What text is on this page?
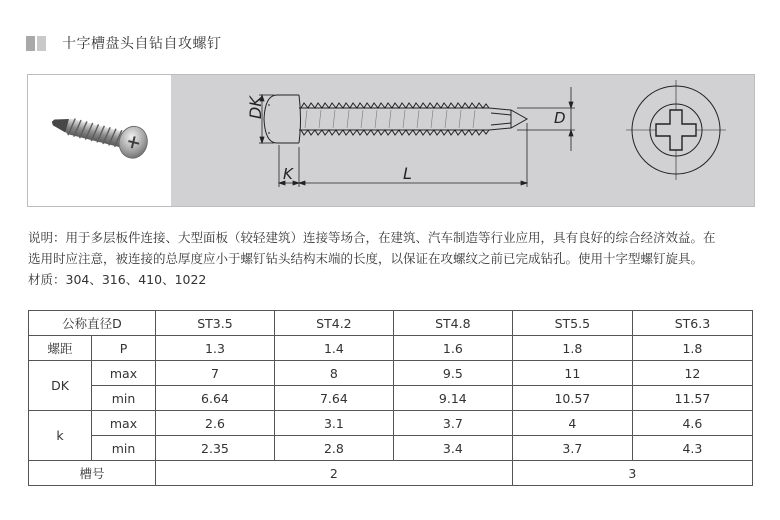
十字槽盘头自钻自攻螺钉
DK
K	L
D

说明：用于多层板件连接、大型面板（较轻建筑）连接等场合，在建筑、汽车制造等行业应用，具有良好的综合经济效益。在

选用时应注意，被连接的总厚度应小于螺钉钻头结构末端的长度，以保证在攻螺纹之前已完成钻孔。使用十字型螺钉旋具。

材质：304、316、410、1022

公称直径D		ST3.5	ST4.2	ST4.8	ST5.5	ST6.3
螺距	P	1.3	1.4	1.6	1.8	1.8
DK	max	7	8	9.5	11	12
	min	6.64	7.64	9.14	10.57	11.57
k	max	2.6	3.1	3.7	4	4.6
	min	2.35	2.8	3.4	3.7	4.3
槽号		2			3	
